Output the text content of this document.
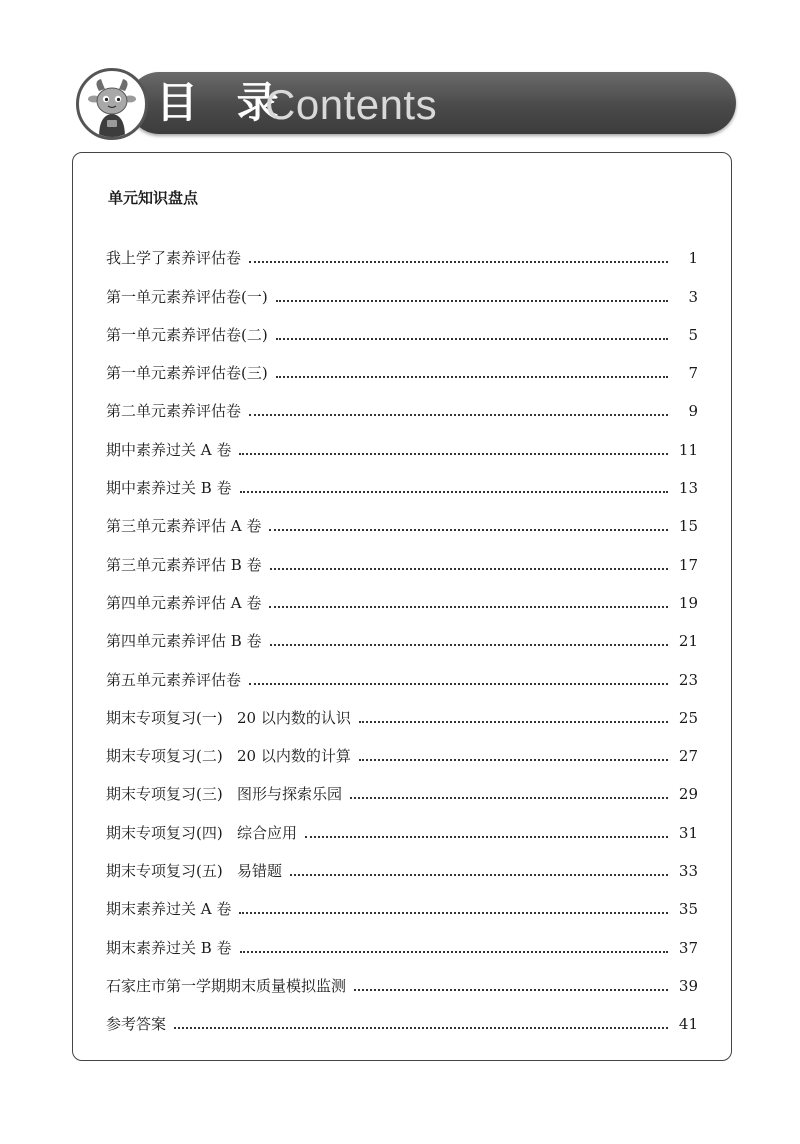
目 录
Contents
单元知识盘点
我上学了素养评估卷	1
第一单元素养评估卷(一)	3
第一单元素养评估卷(二)	5
第一单元素养评估卷(三)	7
第二单元素养评估卷	9
期中素养过关 A 卷	11
期中素养过关 B 卷	13
第三单元素养评估 A 卷	15
第三单元素养评估 B 卷	17
第四单元素养评估 A 卷	19
第四单元素养评估 B 卷	21
第五单元素养评估卷	23
期末专项复习(一)   20 以内数的认识	25
期末专项复习(二)   20 以内数的计算	27
期末专项复习(三)   图形与探索乐园	29
期末专项复习(四)   综合应用	31
期末专项复习(五)   易错题	33
期末素养过关 A 卷	35
期末素养过关 B 卷	37
石家庄市第一学期期末质量模拟监测	39
参考答案	41
